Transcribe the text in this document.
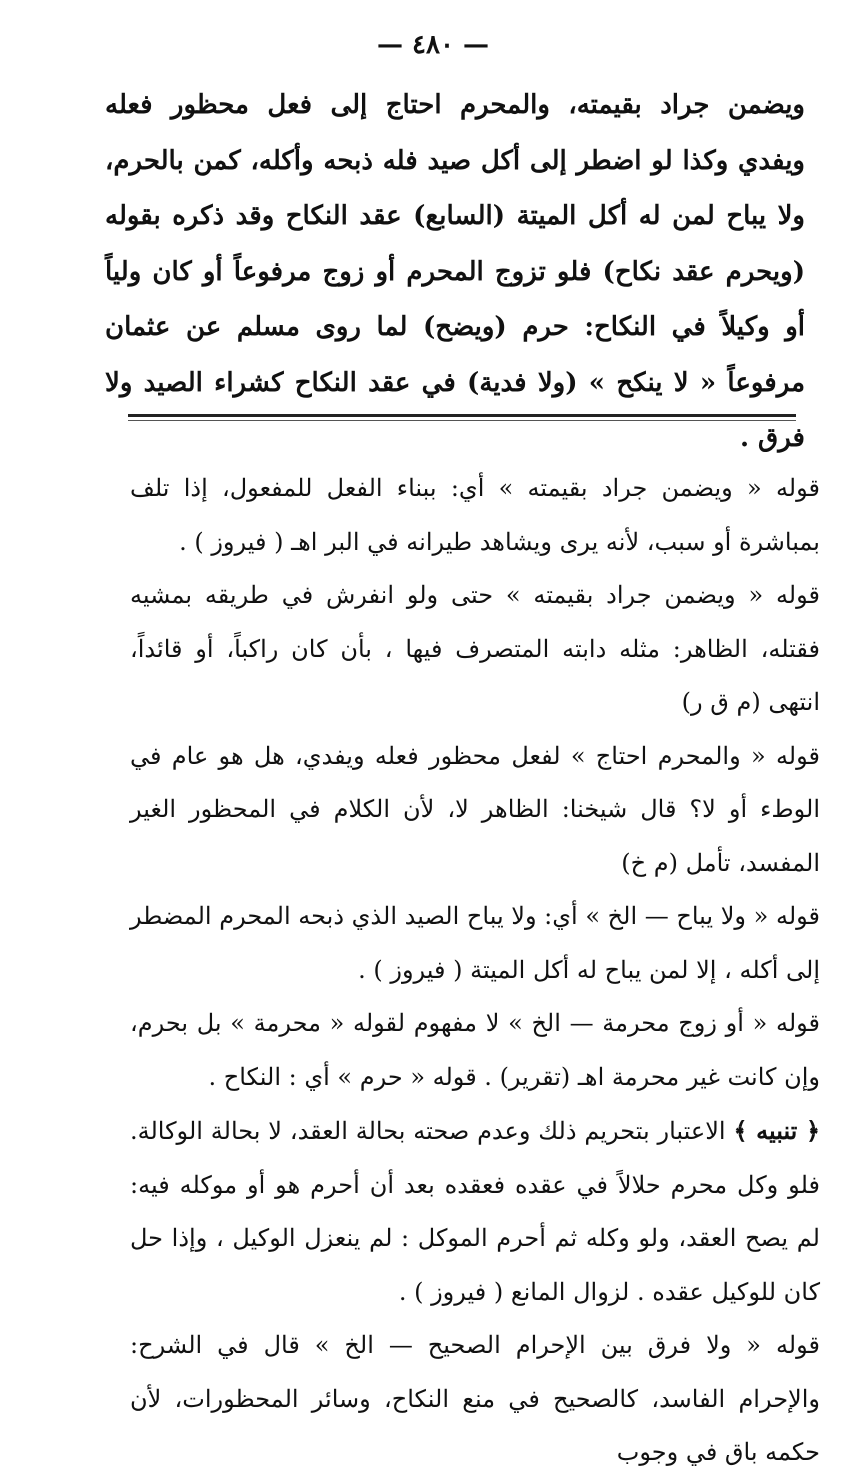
— ٤٨٠ —

ويضمن جراد بقيمته، والمحرم احتاج إلى فعل محظور فعله ويفدي وكذا لو اضطر إلى أكل صيد فله ذبحه وأكله، كمن بالحرم، ولا يباح لمن له أكل الميتة (السابع) عقد النكاح وقد ذكره بقوله (ويحرم عقد نكاح) فلو تزوج المحرم أو زوج مرفوعاً أو كان ولياً أو وكيلاً في النكاح: حرم (ويضح) لما روى مسلم عن عثمان مرفوعاً « لا ينكح » (ولا فدية) في عقد النكاح كشراء الصيد ولا فرق .

قوله « ويضمن جراد بقيمته » أي: ببناء الفعل للمفعول، إذا تلف بمباشرة أو سبب، لأنه يرى ويشاهد طيرانه في البر اهـ ( فيروز ) .

قوله « ويضمن جراد بقيمته » حتى ولو انفرش في طريقه بمشيه فقتله، الظاهر: مثله دابته المتصرف فيها ، بأن كان راكباً، أو قائداً، انتهى (م ق ر)

قوله « والمحرم احتاج » لفعل محظور فعله ويفدي، هل هو عام في الوطء أو لا؟ قال شيخنا: الظاهر لا، لأن الكلام في المحظور الغير المفسد، تأمل (م خ)

قوله « ولا يباح — الخ » أي: ولا يباح الصيد الذي ذبحه المحرم المضطر إلى أكله ، إلا لمن يباح له أكل الميتة ( فيروز ) .

قوله « أو زوج محرمة — الخ » لا مفهوم لقوله « محرمة » بل بحرم، وإن كانت غير محرمة اهـ (تقرير) . قوله « حرم » أي : النكاح .

﴿ تنبيه ﴾ الاعتبار بتحريم ذلك وعدم صحته بحالة العقد، لا بحالة الوكالة. فلو وكل محرم حلالاً في عقده فعقده بعد أن أحرم هو أو موكله فيه: لم يصح العقد، ولو وكله ثم أحرم الموكل : لم ينعزل الوكيل ، وإذا حل كان للوكيل عقده . لزوال المانع ( فيروز ) .

قوله « ولا فرق بين الإحرام الصحيح — الخ » قال في الشرح: والإحرام الفاسد، كالصحيح في منع النكاح، وسائر المحظورات، لأن حكمه باق في وجوب
